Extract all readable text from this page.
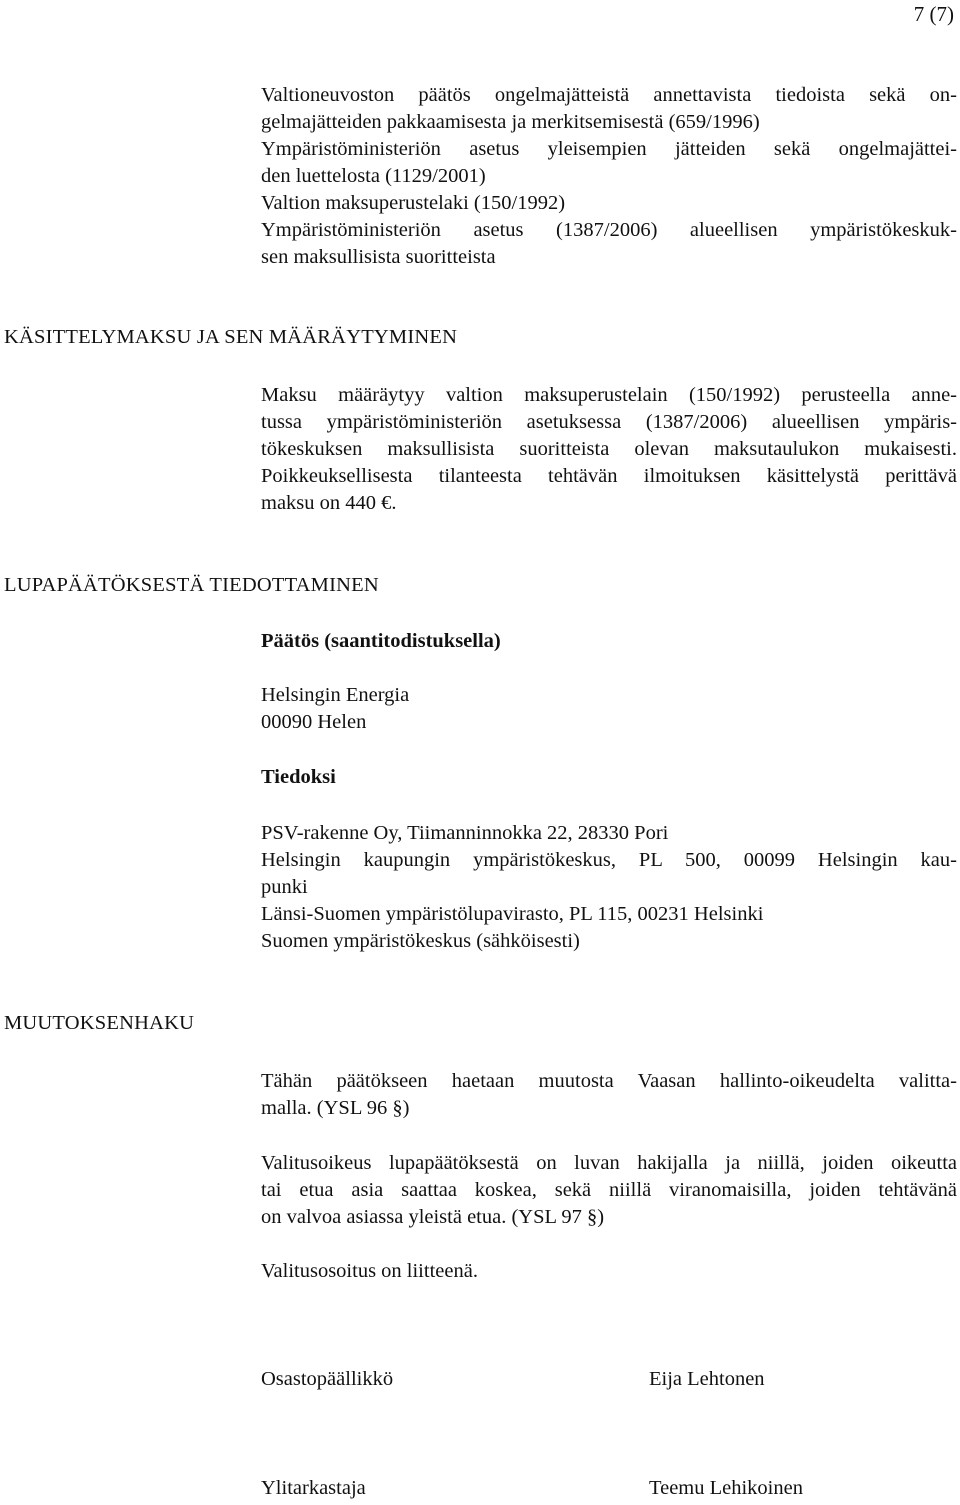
7 (7)
Valtioneuvoston päätös ongelmajätteistä annettavista tiedoista sekä on-
gelmajätteiden pakkaamisesta ja merkitsemisestä (659/1996)
Ympäristöministeriön asetus yleisempien jätteiden sekä ongelmajättei-
den luettelosta (1129/2001)
Valtion maksuperustelaki (150/1992)
Ympäristöministeriön asetus (1387/2006) alueellisen ympäristökeskuk-
sen maksullisista suoritteista
KÄSITTELYMAKSU JA SEN MÄÄRÄYTYMINEN
Maksu määräytyy valtion maksuperustelain (150/1992) perusteella anne-
tussa ympäristöministeriön asetuksessa (1387/2006) alueellisen ympäris-
tökeskuksen maksullisista suoritteista olevan maksutaulukon mukaisesti.
Poikkeuksellisesta tilanteesta tehtävän ilmoituksen käsittelystä perittävä
maksu on 440 €.
LUPAPÄÄTÖKSESTÄ TIEDOTTAMINEN
Päätös (saantitodistuksella)
Helsingin Energia
00090 Helen
Tiedoksi
PSV-rakenne Oy, Tiimanninnokka 22, 28330 Pori
Helsingin kaupungin ympäristökeskus, PL 500, 00099 Helsingin kau-
punki
Länsi-Suomen ympäristölupavirasto, PL 115, 00231 Helsinki
Suomen ympäristökeskus (sähköisesti)
MUUTOKSENHAKU
Tähän päätökseen haetaan muutosta Vaasan hallinto-oikeudelta valitta-
malla. (YSL 96 §)
Valitusoikeus lupapäätöksestä on luvan hakijalla ja niillä, joiden oikeutta
tai etua asia saattaa koskea, sekä niillä viranomaisilla, joiden tehtävänä
on valvoa asiassa yleistä etua. (YSL 97 §)
Valitusosoitus on liitteenä.
Osastopäällikkö	Eija Lehtonen
Ylitarkastaja	Teemu Lehikoinen
